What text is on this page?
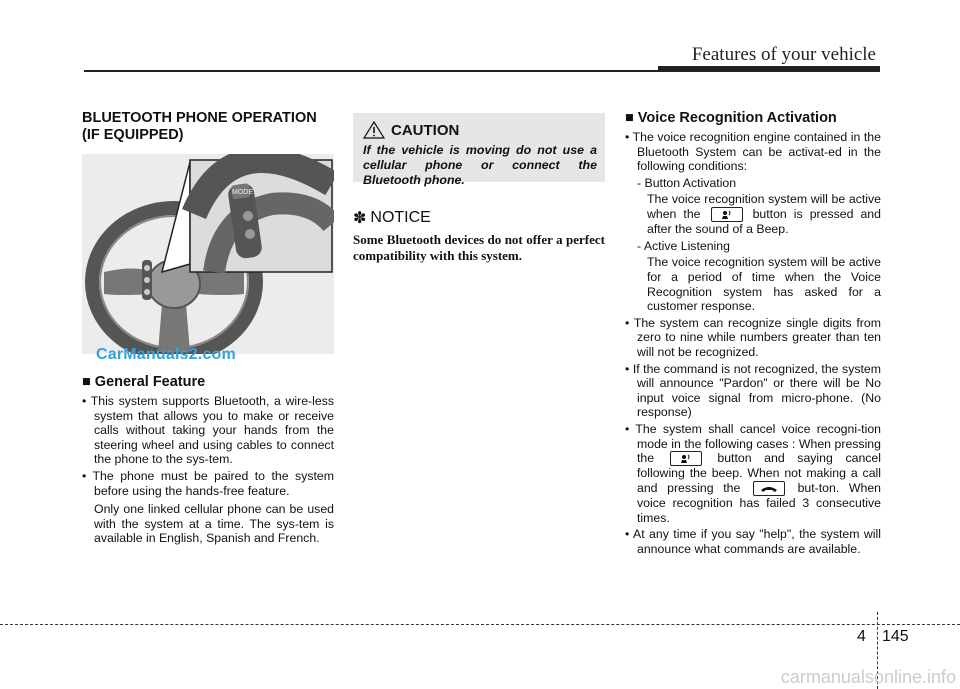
Features of your vehicle
BLUETOOTH PHONE OPERATION (IF EQUIPPED)
MODE
■ General Feature

• This system supports Bluetooth, a wire-less system that allows you to make or receive calls without taking your hands from the steering wheel and using cables to connect the phone to the sys-tem.

• The phone must be paired to the system before using the hands-free feature.

Only one linked cellular phone can be used with the system at a time. The sys-tem is available in English, Spanish and French.

CAUTION
If the vehicle is moving do not use a cellular phone or connect the Bluetooth phone.
✽ NOTICE
Some Bluetooth devices do not offer a perfect compatibility with this system.
■ Voice Recognition Activation

• The voice recognition engine contained in the Bluetooth System can be activat-ed in the following conditions:

- Button Activation

The voice recognition system will be active when the	button is pressed and after the sound of a Beep.

- Active Listening

The voice recognition system will be active for a period of time when the Voice Recognition system has asked for a customer response.

• The system can recognize single digits from zero to nine while numbers greater than ten will not be recognized.

• If the command is not recognized, the system will announce "Pardon" or there will be No input voice signal from micro-phone. (No response)

• The system shall cancel voice recogni-tion mode in the following cases : When pressing the	button and saying cancel following the beep. When not making a call and pressing the	but-ton. When voice recognition has failed 3 consecutive times.

• At any time if you say "help", the system will announce what commands are available.

CarManuals2.com
4 145
carmanualsonline.info
